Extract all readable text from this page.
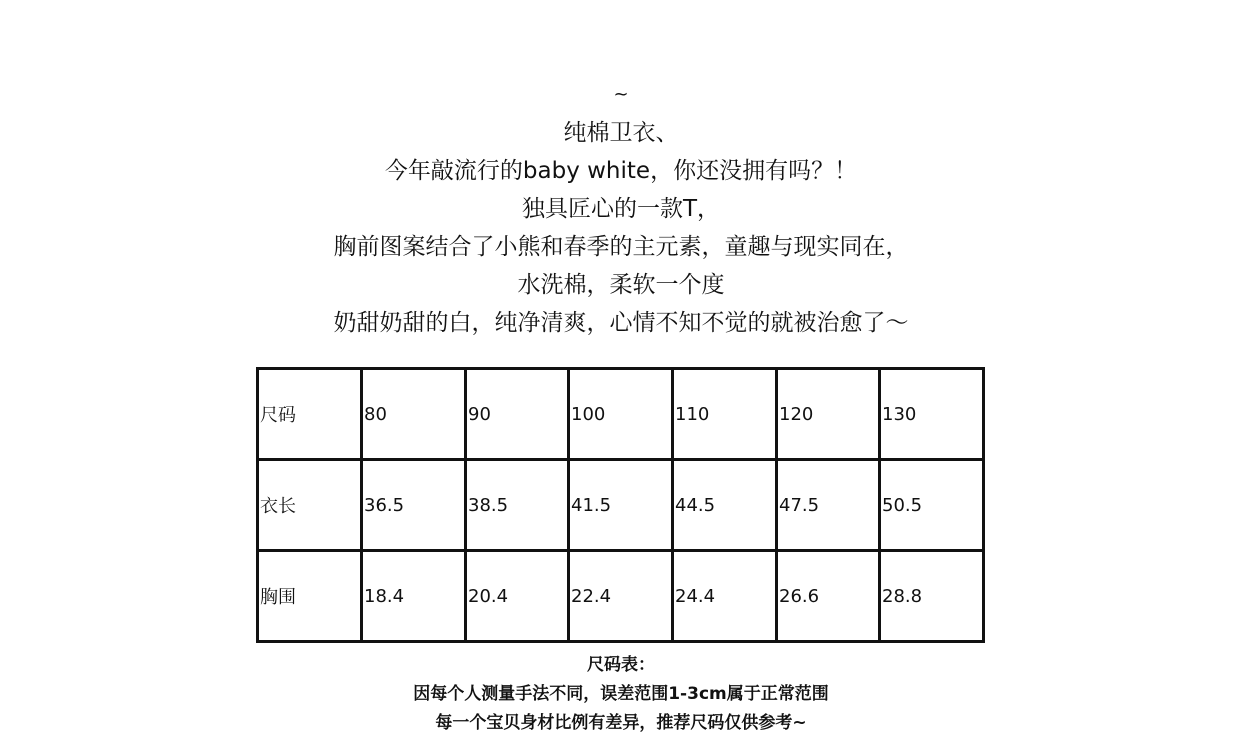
~
纯棉卫衣、
今年敲流行的baby white，你还没拥有吗？！
独具匠心的一款T，
胸前图案结合了小熊和春季的主元素，童趣与现实同在，
水洗棉，柔软一个度
奶甜奶甜的白，纯净清爽，心情不知不觉的就被治愈了～
尺码	80	90	100	110	120	130
衣长	36.5	38.5	41.5	44.5	47.5	50.5
胸围	18.4	20.4	22.4	24.4	26.6	28.8
尺码表：
因每个人测量手法不同，误差范围1-3cm属于正常范围
每一个宝贝身材比例有差异，推荐尺码仅供参考~
